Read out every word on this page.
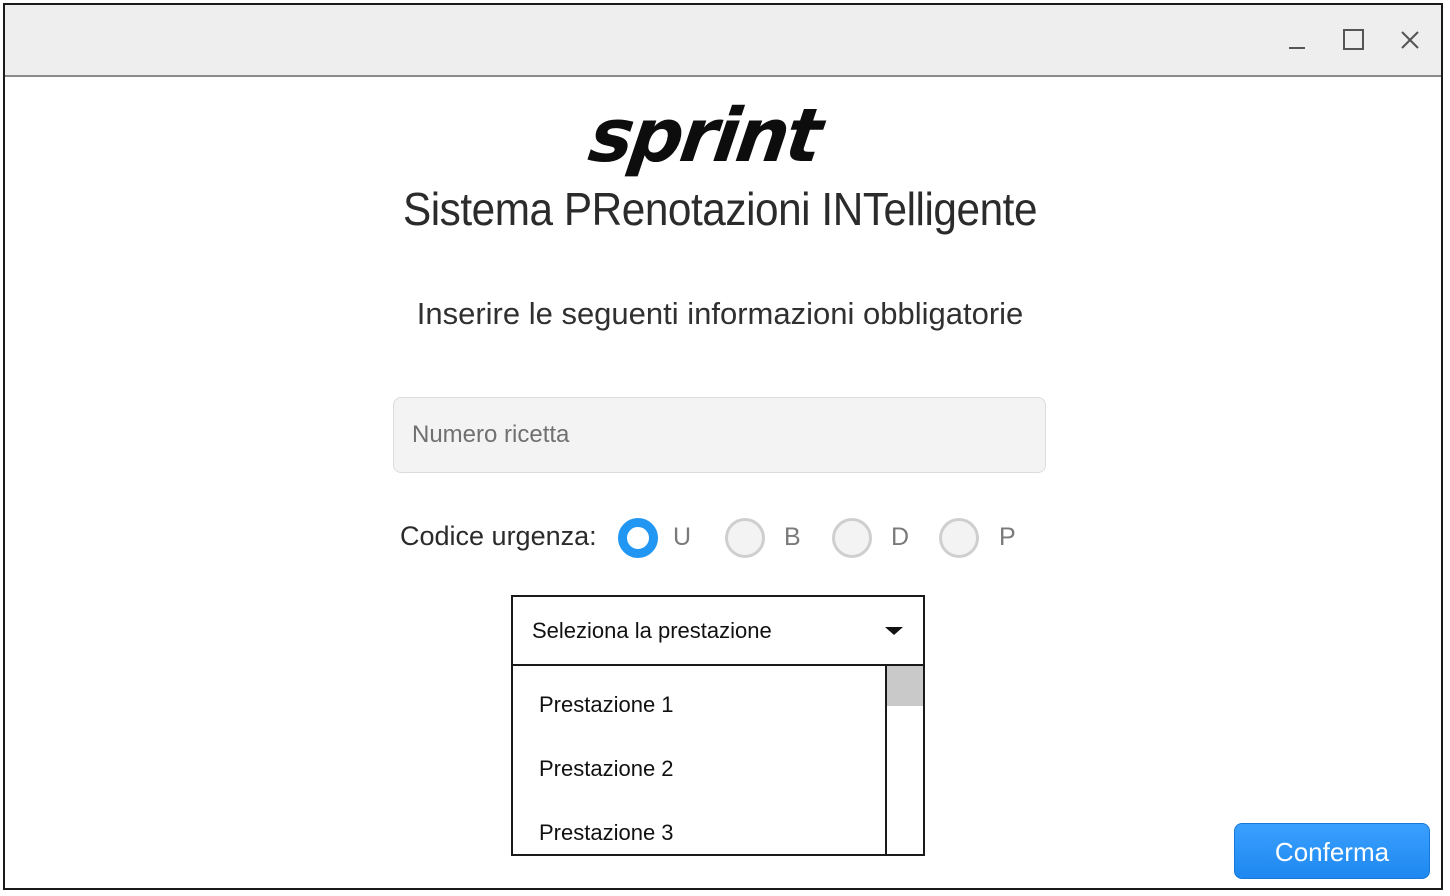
sprint
Sistema PRenotazioni INTelligente
Inserire le seguenti informazioni obbligatorie
Numero ricetta
Codice urgenza:	U	B	D	P
Seleziona la prestazione
Prestazione 1
Prestazione 2
Prestazione 3
Conferma
